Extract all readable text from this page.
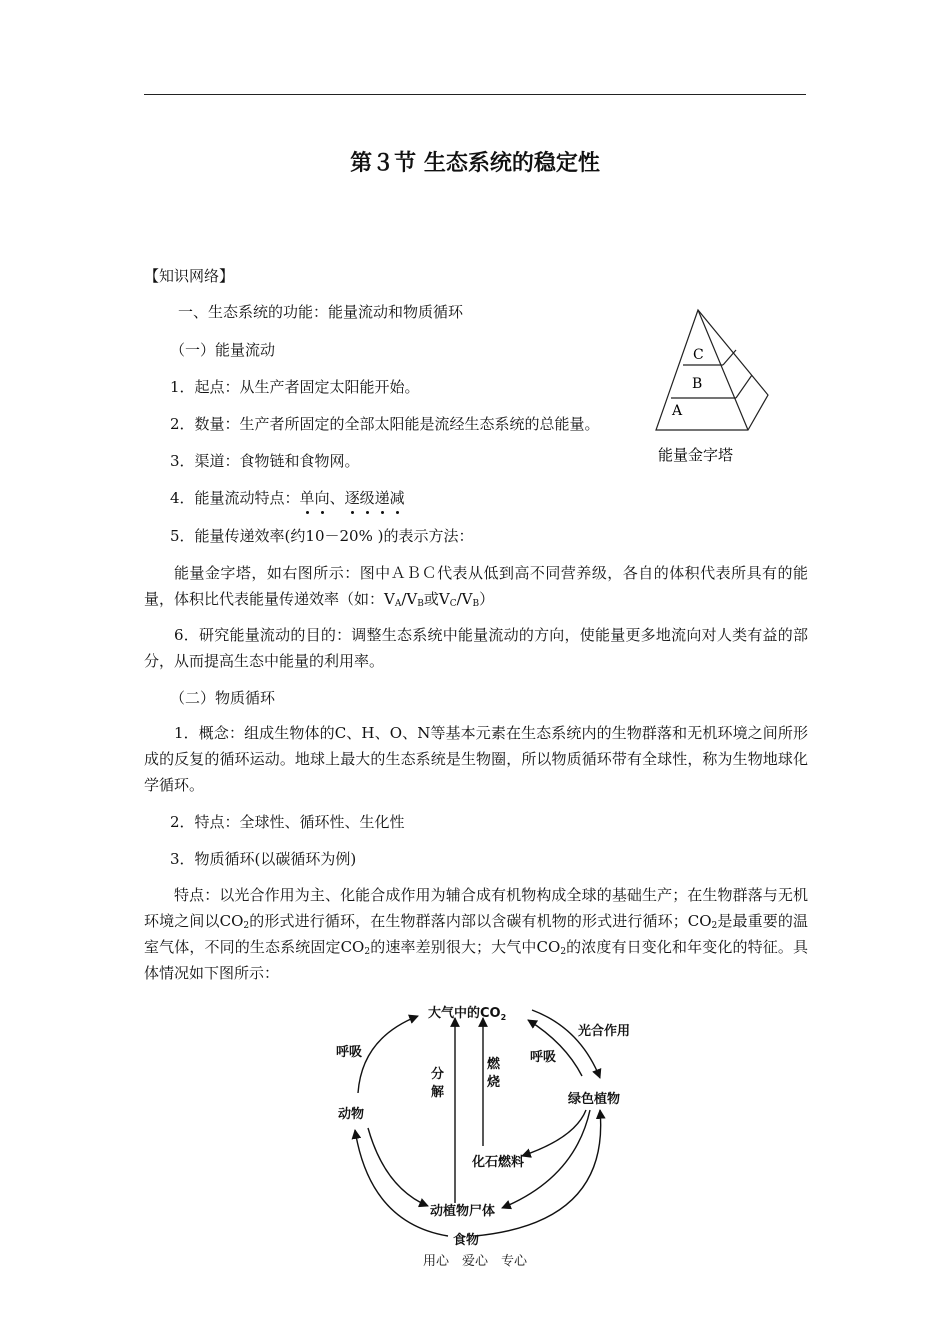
第３节 生态系统的稳定性
【知识网络】
一、生态系统的功能：能量流动和物质循环
（一）能量流动
1．起点：从生产者固定太阳能开始。
2．数量：生产者所固定的全部太阳能是流经生态系统的总能量。
3．渠道：食物链和食物网。
4．能量流动特点：单向、逐级递减
5．能量传递效率(约10－20% )的表示方法：
能量金字塔，如右图所示：图中ＡＢＣ代表从低到高不同营养级，各自的体积代表所具有的能量，体积比代表能量传递效率（如：$V_A/V_B$或$V_C/V_B$）
6．研究能量流动的目的：调整生态系统中能量流动的方向，使能量更多地流向对人类有益的部分，从而提高生态中能量的利用率。
（二）物质循环
1．概念：组成生物体的C、H、O、N等基本元素在生态系统内的生物群落和无机环境之间所形成的反复的循环运动。地球上最大的生态系统是生物圈，所以物质循环带有全球性，称为生物地球化学循环。
2．特点：全球性、循环性、生化性
3．物质循环(以碳循环为例)
特点：以光合作用为主、化能合成作用为辅合成有机物构成全球的基础生产；在生物群落与无机环境之间以$CO_2$的形式进行循环，在生物群落内部以含碳有机物的形式进行循环；$CO_2$是最重要的温室气体，不同的生态系统固定$CO_2$的速率差别很大；大气中$CO_2$的浓度有日变化和年变化的特征。具体情况如下图所示：
A
B
C
能量金字塔
大气中的$CO_2$
光合作用
呼吸	呼吸
动物
绿色植物
分
解
燃
烧
化石燃料
动植物尸体
食物
用心　爱心　专心
